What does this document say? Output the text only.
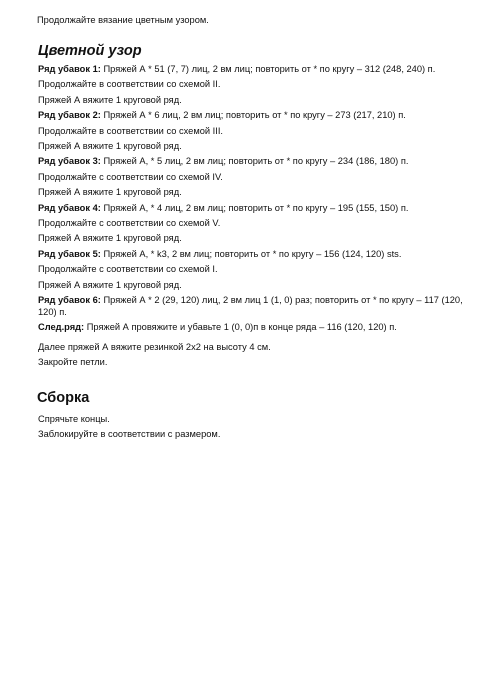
Продолжайте вязание цветным узором.
Цветной узор
Ряд убавок 1: Пряжей А * 51 (7, 7) лиц, 2 вм лиц; повторить от * по кругу – 312 (248, 240) п.
Продолжайте в соответствии со схемой II.
Пряжей А вяжите 1 круговой ряд.
Ряд убавок 2: Пряжей А * 6 лиц, 2 вм лиц; повторить от * по кругу – 273 (217, 210) п.
Продолжайте в соответствии со схемой III.
Пряжей А вяжите 1 круговой ряд.
Ряд убавок 3: Пряжей А, * 5 лиц, 2 вм лиц; повторить от * по кругу – 234 (186, 180) п.
Продолжайте с соответствии со схемой IV.
Пряжей А вяжите 1 круговой ряд.
Ряд убавок 4: Пряжей А, * 4 лиц, 2 вм лиц; повторить от * по кругу – 195 (155, 150) п.
Продолжайте с соответствии со схемой V.
Пряжей А вяжите 1 круговой ряд.
Ряд убавок 5: Пряжей А, * k3, 2 вм лиц; повторить от * по кругу – 156 (124, 120) sts.
Продолжайте с соответствии со схемой I.
Пряжей А вяжите 1 круговой ряд.
Ряд убавок 6: Пряжей А * 2 (29, 120) лиц, 2 вм лиц 1 (1, 0) раз; повторить от * по кругу – 117 (120, 120) п.
След.ряд: Пряжей А провяжите и убавьте 1 (0, 0)п в конце ряда – 116 (120, 120) п.
Далее пряжей А вяжите резинкой 2х2 на высоту 4 см.
Закройте петли.
Сборка
Спрячьте концы.
Заблокируйте в соответствии с размером.
